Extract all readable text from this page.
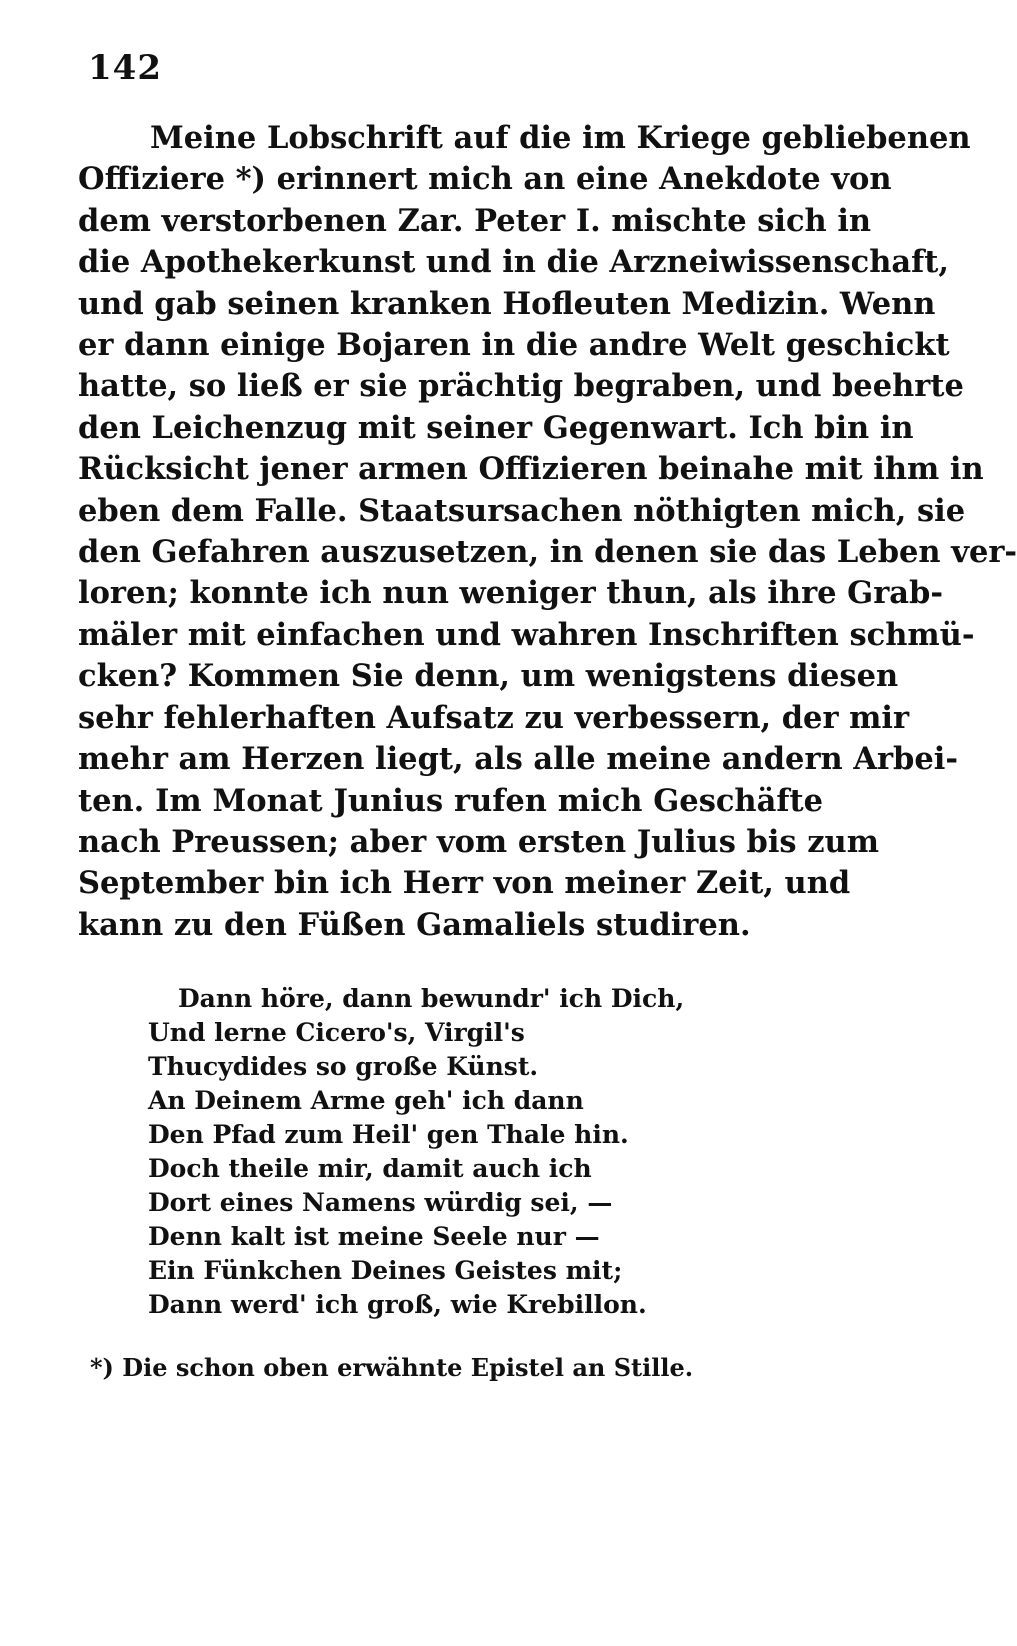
142
Meine Lobschrift auf die im Kriege gebliebenen
Offiziere *) erinnert mich an eine Anekdote von
dem verstorbenen Zar. Peter I. mischte sich in
die Apothekerkunst und in die Arzneiwissenschaft,
und gab seinen kranken Hofleuten Medizin. Wenn
er dann einige Bojaren in die andre Welt geschickt
hatte, so ließ er sie prächtig begraben, und beehrte
den Leichenzug mit seiner Gegenwart. Ich bin in
Rücksicht jener armen Offizieren beinahe mit ihm in
eben dem Falle. Staatsursachen nöthigten mich, sie
den Gefahren auszusetzen, in denen sie das Leben ver-
loren; konnte ich nun weniger thun, als ihre Grab-
mäler mit einfachen und wahren Inschriften schmü-
cken? Kommen Sie denn, um wenigstens diesen
sehr fehlerhaften Aufsatz zu verbessern, der mir
mehr am Herzen liegt, als alle meine andern Arbei-
ten. Im Monat Junius rufen mich Geschäfte
nach Preussen; aber vom ersten Julius bis zum
September bin ich Herr von meiner Zeit, und
kann zu den Füßen Gamaliels studiren.
Dann höre, dann bewundr' ich Dich,
Und lerne Cicero's, Virgil's
Thucydides so große Künst.
An Deinem Arme geh' ich dann
Den Pfad zum Heil' gen Thale hin.
Doch theile mir, damit auch ich
Dort eines Namens würdig sei, —
Denn kalt ist meine Seele nur —
Ein Fünkchen Deines Geistes mit;
Dann werd' ich groß, wie Krebillon.
*) Die schon oben erwähnte Epistel an Stille.
